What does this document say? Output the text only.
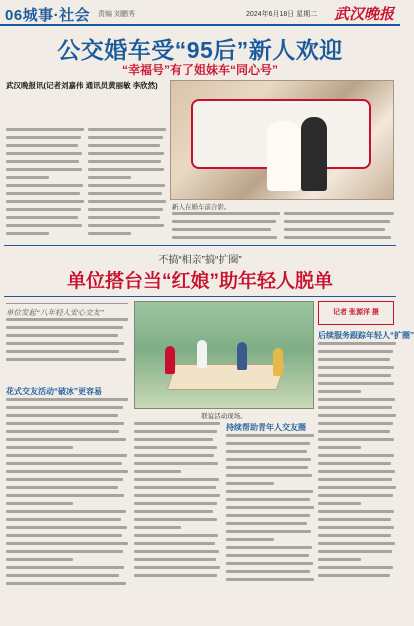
06城事·社会 责编 刘鹏秀	2024年6月18日 星期二 武汉晚报
公交婚车受“95后”新人欢迎
“幸福号”有了姐妹车“同心号”
武汉晚报讯(记者刘嘉伟 通讯员黄丽敏 李欣然)
新人在婚车前合影。
不搞“相亲”搞“扩圈”
单位搭台当“红娘”助年轻人脱单
单位发起“八年轻人安心交友”
联谊活动现场。
记者 张源洋 摄
后续服务跟踪年轻人“扩圈”
花式交友活动“破冰”更容易
持续帮助青年人交友圈
